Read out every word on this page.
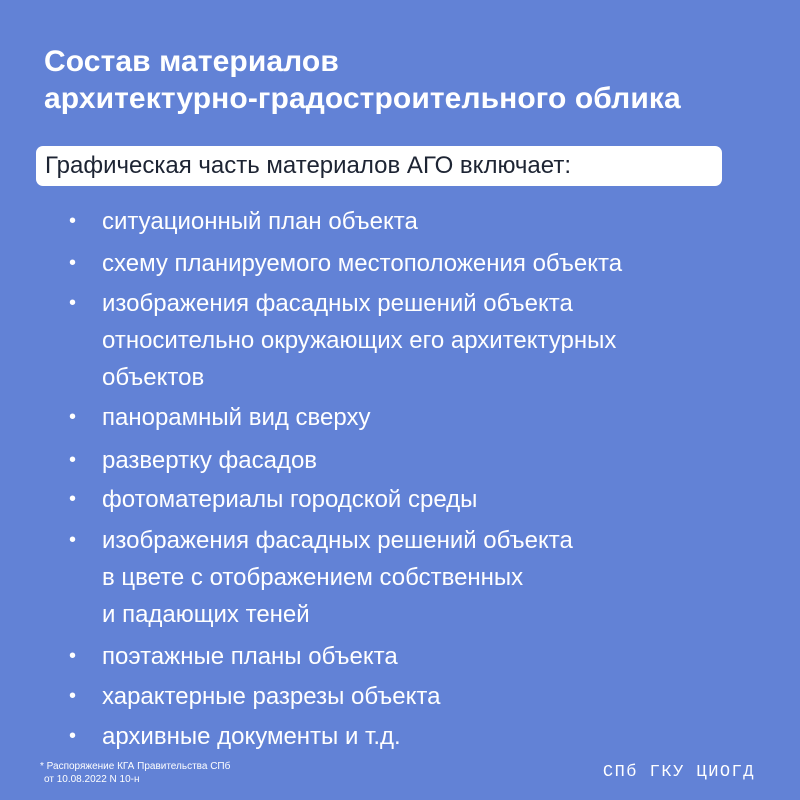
Состав материалов
архитектурно-градостроительного облика
Графическая часть материалов АГО включает:
• ситуационный план объекта
• схему планируемого местоположения объекта
• изображения фасадных решений объекта
относительно окружающих его архитектурных
объектов
• панорамный вид сверху
• развертку фасадов
• фотоматериалы городской среды
• изображения фасадных решений объекта
в цвете с отображением собственных
и падающих теней
• поэтажные планы объекта
• характерные разрезы объекта
• архивные документы и т.д.
* Распоряжение КГА Правительства СПб
от 10.08.2022 N 10-н	СПб ГКУ ЦИОГД
